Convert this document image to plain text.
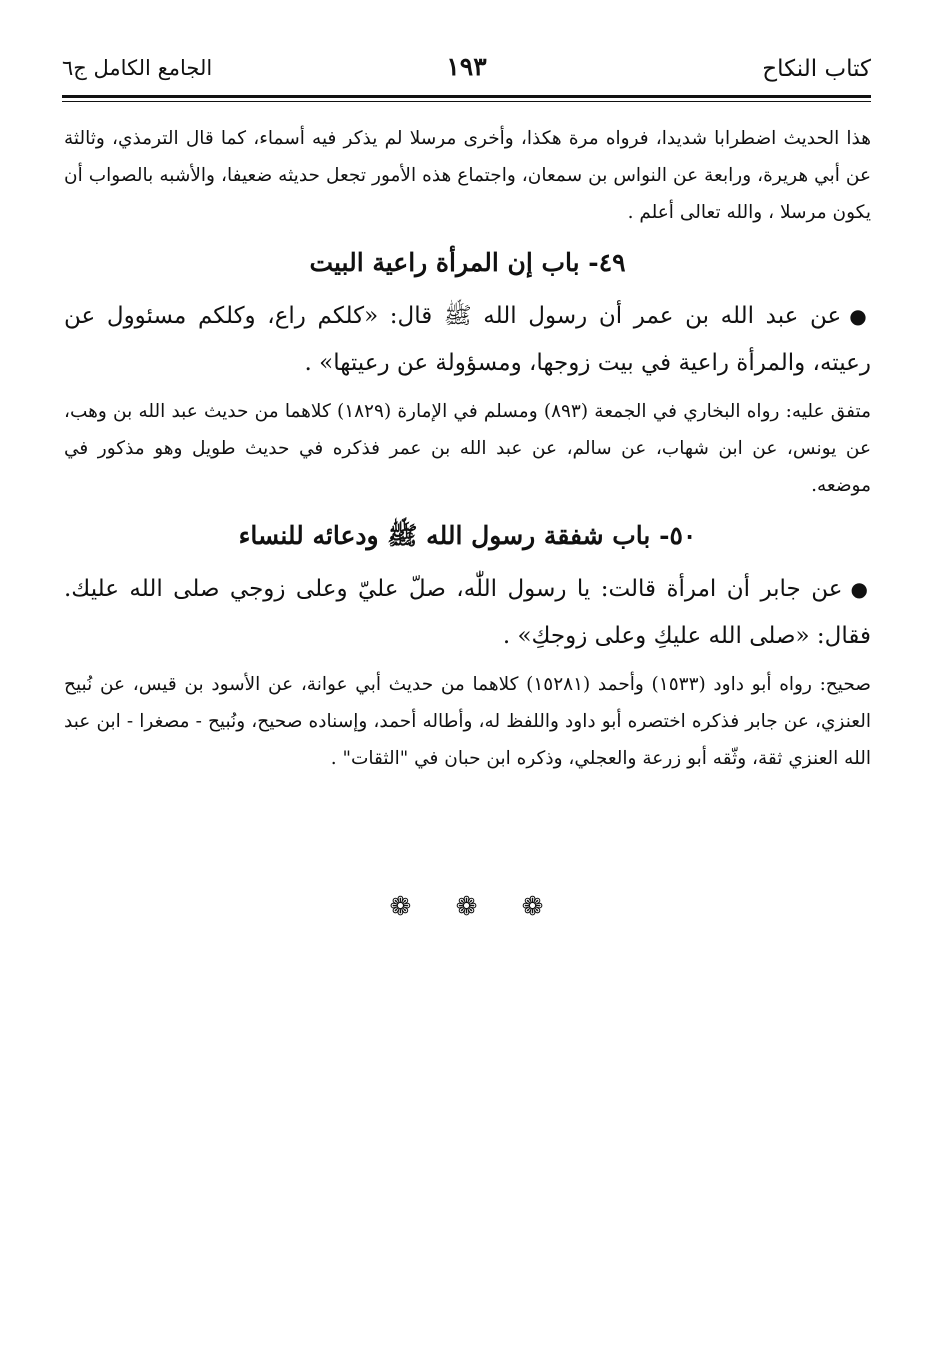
كتاب النكاح
١٩٣
الجامع الكامل ج٦

هذا الحديث اضطرابا شديدا، فرواه مرة هكذا، وأخرى مرسلا لم يذكر فيه أسماء، كما قال الترمذي، وثالثة عن أبي هريرة، ورابعة عن النواس بن سمعان، واجتماع هذه الأمور تجعل حديثه ضعيفا، والأشبه بالصواب أن يكون مرسلا ، والله تعالى أعلم .

٤٩- باب إن المرأة راعية البيت

●عن عبد الله بن عمر أن رسول الله ﷺ قال: «كلكم راع، وكلكم مسئوول عن رعيته، والمرأة راعية في بيت زوجها، ومسؤولة عن رعيتها» .

متفق عليه: رواه البخاري في الجمعة (٨٩٣) ومسلم في الإمارة (١٨٢٩) كلاهما من حديث عبد الله بن وهب، عن يونس، عن ابن شهاب، عن سالم، عن عبد الله بن عمر فذكره في حديث طويل وهو مذكور في موضعه.

٥٠- باب شفقة رسول الله ﷺ ودعائه للنساء

●عن جابر أن امرأة قالت: يا رسول اللّٰه، صلّ عليّ وعلى زوجي صلى الله عليك. فقال: «صلى الله عليكِ وعلى زوجكِ» .

صحيح: رواه أبو داود (١٥٣٣) وأحمد (١٥٢٨١) كلاهما من حديث أبي عوانة، عن الأسود بن قيس، عن نُبيح العنزي، عن جابر فذكره اختصره أبو داود واللفظ له، وأطاله أحمد، وإسناده صحيح، ونُبيح - مصغرا - ابن عبد الله العنزي ثقة، وثّقه أبو زرعة والعجلي، وذكره ابن حبان في "الثقات" .

❁ ❁ ❁
